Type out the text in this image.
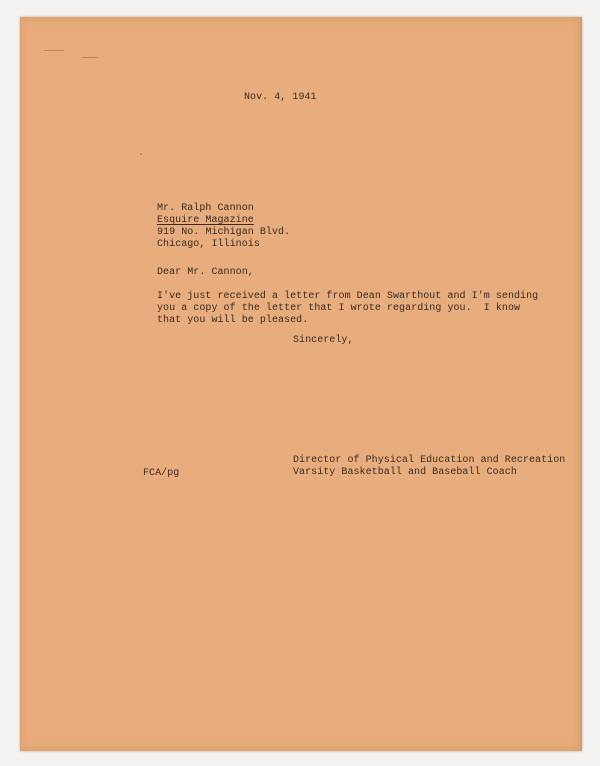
Nov. 4, 1941
Mr. Ralph Cannon
Esquire Magazine
919 No. Michigan Blvd.
Chicago, Illinois
Dear Mr. Cannon,
I've just received a letter from Dean Swarthout and I'm sending
you a copy of the letter that I wrote regarding you.  I know
that you will be pleased.
Sincerely,
Director of Physical Education and Recreation
Varsity Basketball and Baseball Coach
FCA/pg
